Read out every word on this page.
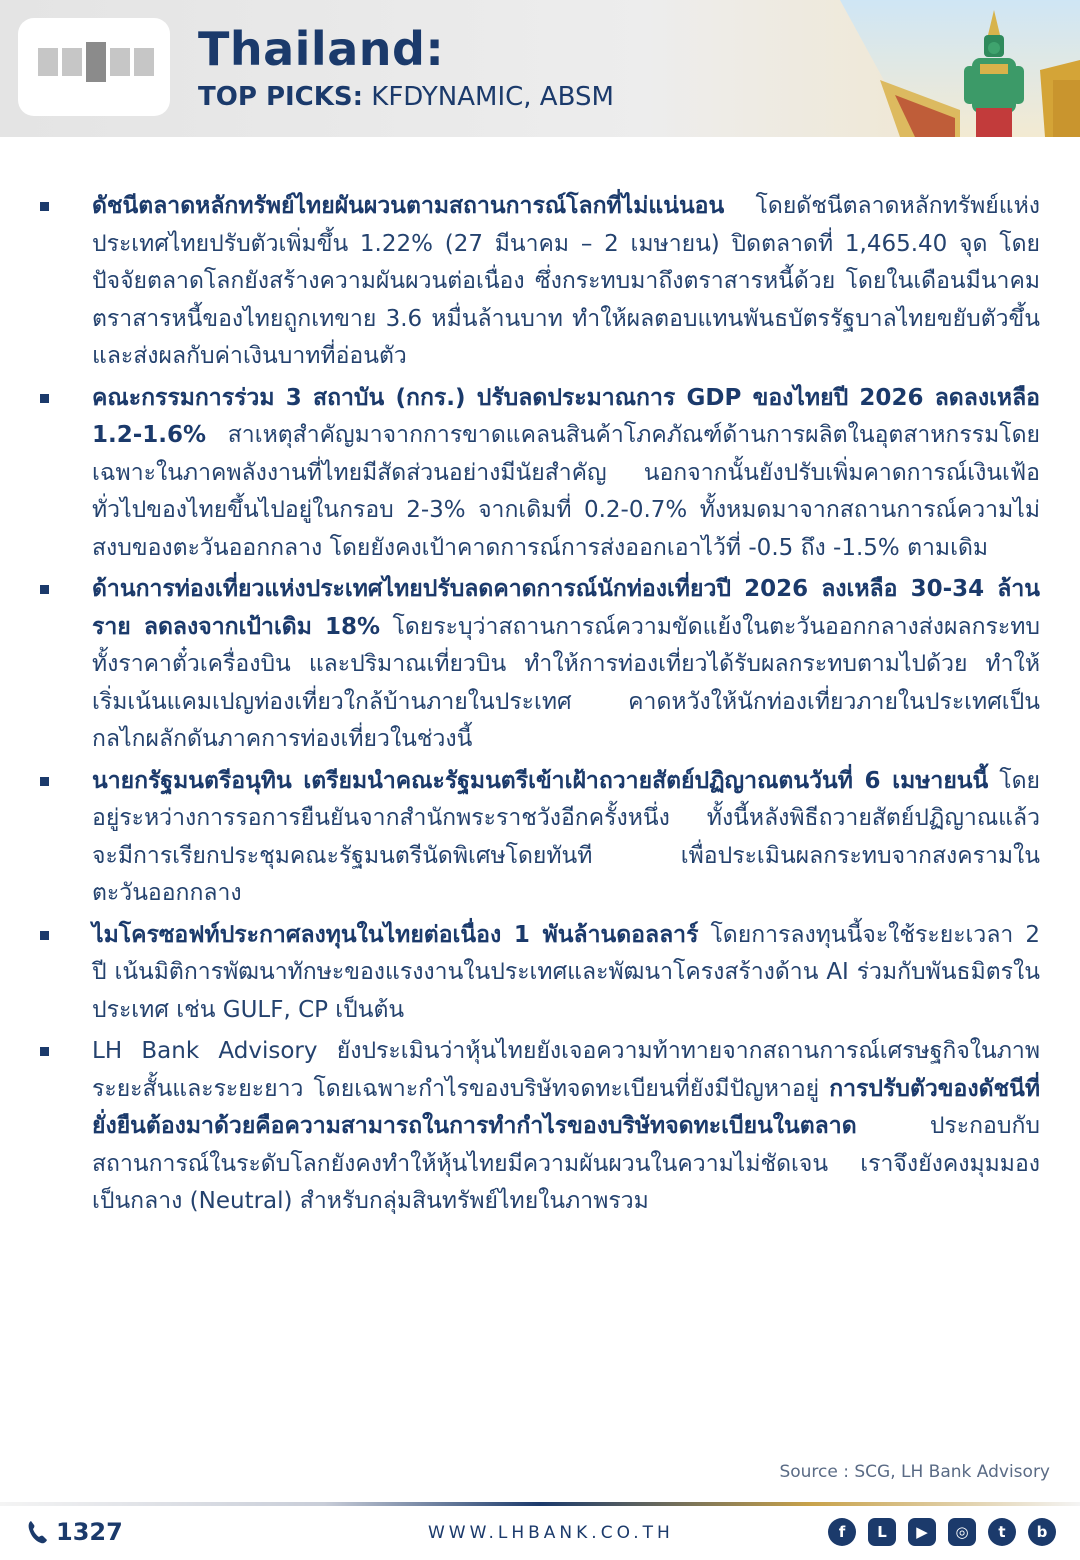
Thailand:
TOP PICKS: KFDYNAMIC, ABSM
ดัชนีตลาดหลักทรัพย์ไทยผันผวนตามสถานการณ์โลกที่ไม่แน่นอน โดยดัชนีตลาดหลักทรัพย์แห่งประเทศไทยปรับตัวเพิ่มขึ้น 1.22% (27 มีนาคม – 2 เมษายน) ปิดตลาดที่ 1,465.40 จุด โดยปัจจัยตลาดโลกยังสร้างความผันผวนต่อเนื่อง ซึ่งกระทบมาถึงตราสารหนี้ด้วย โดยในเดือนมีนาคม ตราสารหนี้ของไทยถูกเทขาย 3.6 หมื่นล้านบาท ทำให้ผลตอบแทนพันธบัตรรัฐบาลไทยขยับตัวขึ้นและส่งผลกับค่าเงินบาทที่อ่อนตัว
คณะกรรมการร่วม 3 สถาบัน (กกร.) ปรับลดประมาณการ GDP ของไทยปี 2026 ลดลงเหลือ 1.2-1.6% สาเหตุสำคัญมาจากการขาดแคลนสินค้าโภคภัณฑ์ด้านการผลิตในอุตสาหกรรมโดยเฉพาะในภาคพลังงานที่ไทยมีสัดส่วนอย่างมีนัยสำคัญ นอกจากนั้นยังปรับเพิ่มคาดการณ์เงินเฟ้อทั่วไปของไทยขึ้นไปอยู่ในกรอบ 2-3% จากเดิมที่ 0.2-0.7% ทั้งหมดมาจากสถานการณ์ความไม่สงบของตะวันออกกลาง โดยยังคงเป้าคาดการณ์การส่งออกเอาไว้ที่ -0.5 ถึง -1.5% ตามเดิม
ด้านการท่องเที่ยวแห่งประเทศไทยปรับลดคาดการณ์นักท่องเที่ยวปี 2026 ลงเหลือ 30-34 ล้านราย ลดลงจากเป้าเดิม 18% โดยระบุว่าสถานการณ์ความขัดแย้งในตะวันออกกลางส่งผลกระทบทั้งราคาตั๋วเครื่องบิน และปริมาณเที่ยวบิน ทำให้การท่องเที่ยวได้รับผลกระทบตามไปด้วย ทำให้เริ่มเน้นแคมเปญท่องเที่ยวใกล้บ้านภายในประเทศ คาดหวังให้นักท่องเที่ยวภายในประเทศเป็นกลไกผลักดันภาคการท่องเที่ยวในช่วงนี้
นายกรัฐมนตรีอนุทิน เตรียมนำคณะรัฐมนตรีเข้าเฝ้าถวายสัตย์ปฏิญาณตนวันที่ 6 เมษายนนี้ โดยอยู่ระหว่างการรอการยืนยันจากสำนักพระราชวังอีกครั้งหนึ่ง ทั้งนี้หลังพิธีถวายสัตย์ปฏิญาณแล้ว จะมีการเรียกประชุมคณะรัฐมนตรีนัดพิเศษโดยทันที เพื่อประเมินผลกระทบจากสงครามในตะวันออกกลาง
ไมโครซอฟท์ประกาศลงทุนในไทยต่อเนื่อง 1 พันล้านดอลลาร์ โดยการลงทุนนี้จะใช้ระยะเวลา 2 ปี เน้นมิติการพัฒนาทักษะของแรงงานในประเทศและพัฒนาโครงสร้างด้าน AI ร่วมกับพันธมิตรในประเทศ เช่น GULF, CP เป็นต้น
LH Bank Advisory ยังประเมินว่าหุ้นไทยยังเจอความท้าทายจากสถานการณ์เศรษฐกิจในภาพระยะสั้นและระยะยาว โดยเฉพาะกำไรของบริษัทจดทะเบียนที่ยังมีปัญหาอยู่ การปรับตัวของดัชนีที่ยั่งยืนต้องมาด้วยคือความสามารถในการทำกำไรของบริษัทจดทะเบียนในตลาด ประกอบกับสถานการณ์ในระดับโลกยังคงทำให้หุ้นไทยมีความผันผวนในความไม่ชัดเจน เราจึงยังคงมุมมองเป็นกลาง (Neutral) สำหรับกลุ่มสินทรัพย์ไทยในภาพรวม
Source : SCG, LH Bank Advisory
1327	WWW.LHBANK.CO.TH	f	L	▶	◎	t	b
